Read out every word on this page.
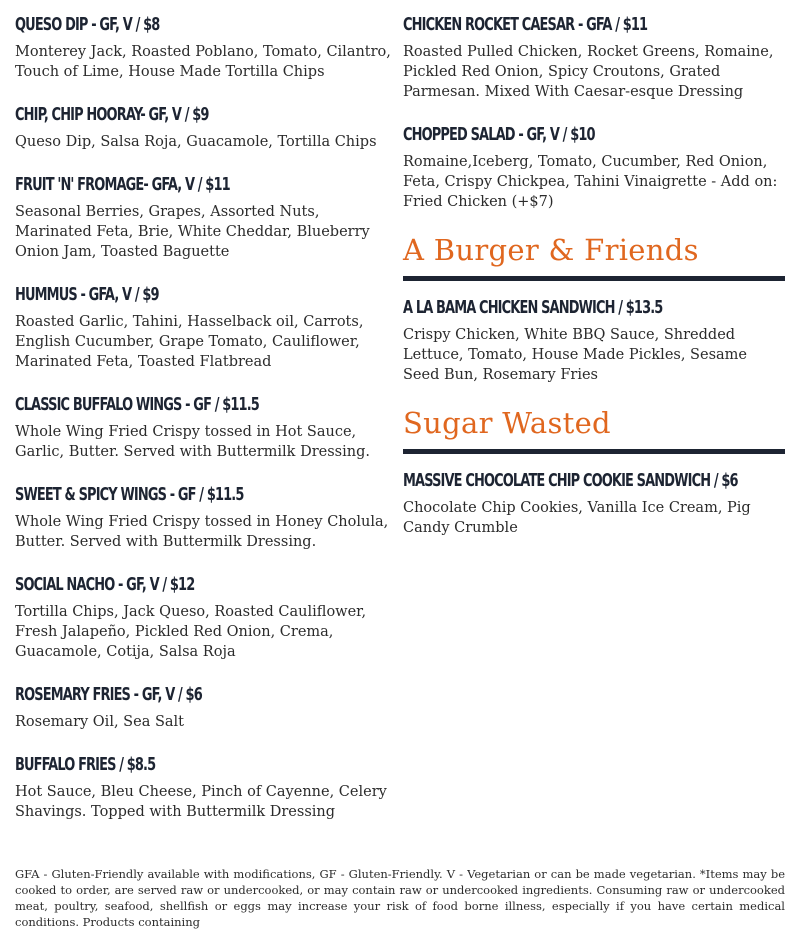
QUESO DIP - GF, V / $8

Monterey Jack, Roasted Poblano, Tomato, Cilantro, Touch of Lime, House Made Tortilla Chips

CHIP, CHIP HOORAY- GF, V / $9

Queso Dip, Salsa Roja, Guacamole, Tortilla Chips

FRUIT 'N' FROMAGE- GFA, V / $11

Seasonal Berries, Grapes, Assorted Nuts, Marinated Feta, Brie, White Cheddar, Blueberry Onion Jam, Toasted Baguette

HUMMUS - GFA, V / $9

Roasted Garlic, Tahini, Hasselback oil, Carrots, English Cucumber, Grape Tomato, Cauliflower, Marinated Feta, Toasted Flatbread

CLASSIC BUFFALO WINGS - GF / $11.5

Whole Wing Fried Crispy tossed in Hot Sauce, Garlic, Butter. Served with Buttermilk Dressing.

SWEET & SPICY WINGS - GF / $11.5

Whole Wing Fried Crispy tossed in Honey Cholula, Butter. Served with Buttermilk Dressing.

SOCIAL NACHO - GF, V / $12

Tortilla Chips, Jack Queso, Roasted Cauliflower, Fresh Jalapeño, Pickled Red Onion, Crema, Guacamole, Cotija, Salsa Roja

ROSEMARY FRIES - GF, V / $6

Rosemary Oil, Sea Salt

BUFFALO FRIES / $8.5

Hot Sauce, Bleu Cheese, Pinch of Cayenne, Celery Shavings. Topped with Buttermilk Dressing

CHICKEN ROCKET CAESAR - GFA / $11

Roasted Pulled Chicken, Rocket Greens, Romaine, Pickled Red Onion, Spicy Croutons, Grated Parmesan. Mixed With Caesar-esque Dressing

CHOPPED SALAD - GF, V / $10

Romaine,Iceberg, Tomato, Cucumber, Red Onion, Feta, Crispy Chickpea, Tahini Vinaigrette - Add on: Fried Chicken (+$7)

A Burger & Friends
A LA BAMA CHICKEN SANDWICH / $13.5

Crispy Chicken, White BBQ Sauce, Shredded Lettuce, Tomato, House Made Pickles, Sesame Seed Bun, Rosemary Fries

Sugar Wasted
MASSIVE CHOCOLATE CHIP COOKIE SANDWICH / $6

Chocolate Chip Cookies, Vanilla Ice Cream, Pig Candy Crumble

GFA - Gluten-Friendly available with modifications, GF - Gluten-Friendly. V - Vegetarian or can be made vegetarian. *Items may be cooked to order, are served raw or undercooked, or may contain raw or undercooked ingredients. Consuming raw or undercooked meat, poultry, seafood, shellfish or eggs may increase your risk of food borne illness, especially if you have certain medical conditions. Products containing
